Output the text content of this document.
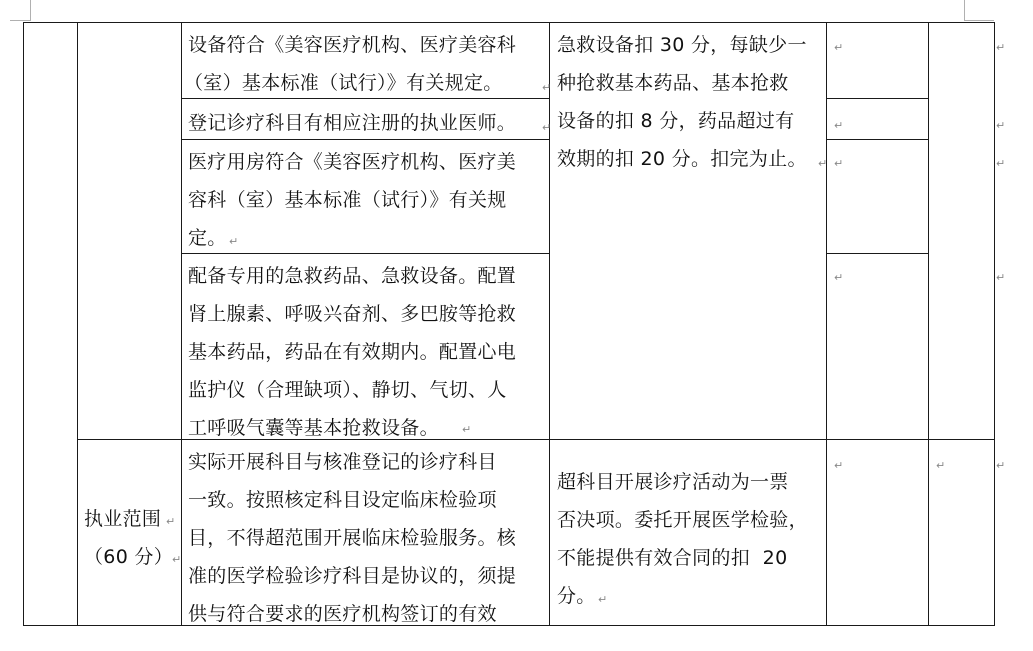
设备符合《美容医疗机构、医疗美容科
（室）基本标准（试行）》有关规定。	↵
登记诊疗科目有相应注册的执业医师。 ↵
医疗用房符合《美容医疗机构、医疗美
容科（室）基本标准（试行）》有关规
定。 ↵
配备专用的急救药品、急救设备。配置
肾上腺素、呼吸兴奋剂、多巴胺等抢救
基本药品，药品在有效期内。配置心电
监护仪（合理缺项）、静切、气切、人
工呼吸气囊等基本抢救设备。 ↵
急救设备扣 30 分，每缺少一
种抢救基本药品、基本抢救
设备的扣 8 分，药品超过有
效期的扣 20 分。扣完为止。 ↵
↵
↵
↵
↵
↵
↵
↵
↵
↵
执业范围 ↵
（60 分）
↵
实际开展科目与核准登记的诊疗科目
一致。按照核定科目设定临床检验项
目，不得超范围开展临床检验服务。核
准的医学检验诊疗科目是协议的，须提
供与符合要求的医疗机构签订的有效
超科目开展诊疗活动为一票
否决项。委托开展医学检验，
不能提供有效合同的扣  20
分。 ↵
↵	↵
